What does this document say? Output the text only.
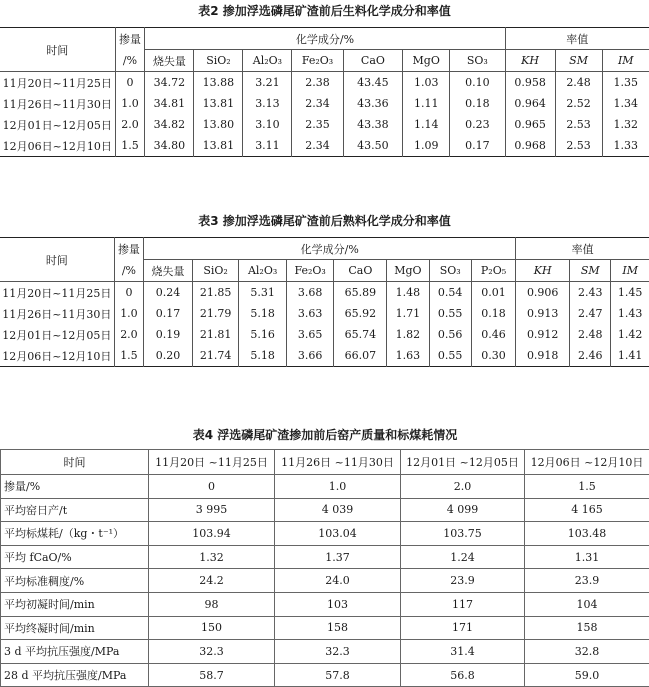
表2 掺加浮选磷尾矿渣前后生料化学成分和率值
时间	掺量	化学成分/%							率值		
	/%	烧失量	SiO₂	Al₂O₃	Fe₂O₃	CaO	MgO	SO₃	KH	SM	IM
11月20日~11月25日	0	34.72	13.88	3.21	2.38	43.45	1.03	0.10	0.958	2.48	1.35
11月26日~11月30日	1.0	34.81	13.81	3.13	2.34	43.36	1.11	0.18	0.964	2.52	1.34
12月01日~12月05日	2.0	34.82	13.80	3.10	2.35	43.38	1.14	0.23	0.965	2.53	1.32
12月06日~12月10日	1.5	34.80	13.81	3.11	2.34	43.50	1.09	0.17	0.968	2.53	1.33
表3 掺加浮选磷尾矿渣前后熟料化学成分和率值
时间	掺量	化学成分/%								率值		
	/%	烧失量	SiO₂	Al₂O₃	Fe₂O₃	CaO	MgO	SO₃	P₂O₅	KH	SM	IM
11月20日~11月25日	0	0.24	21.85	5.31	3.68	65.89	1.48	0.54	0.01	0.906	2.43	1.45
11月26日~11月30日	1.0	0.17	21.79	5.18	3.63	65.92	1.71	0.55	0.18	0.913	2.47	1.43
12月01日~12月05日	2.0	0.19	21.81	5.16	3.65	65.74	1.82	0.56	0.46	0.912	2.48	1.42
12月06日~12月10日	1.5	0.20	21.74	5.18	3.66	66.07	1.63	0.55	0.30	0.918	2.46	1.41
表4 浮选磷尾矿渣掺加前后窑产质量和标煤耗情况
时间	11月20日 ~11月25日	11月26日 ~11月30日	12月01日 ~12月05日	12月06日 ~12月10日
掺量/%	0	1.0	2.0	1.5
平均窑日产/t	3 995	4 039	4 099	4 165
平均标煤耗/（kg・t⁻¹）	103.94	103.04	103.75	103.48
平均 fCaO/%	1.32	1.37	1.24	1.31
平均标准稠度/%	24.2	24.0	23.9	23.9
平均初凝时间/min	98	103	117	104
平均终凝时间/min	150	158	171	158
3 d 平均抗压强度/MPa	32.3	32.3	31.4	32.8
28 d 平均抗压强度/MPa	58.7	57.8	56.8	59.0
